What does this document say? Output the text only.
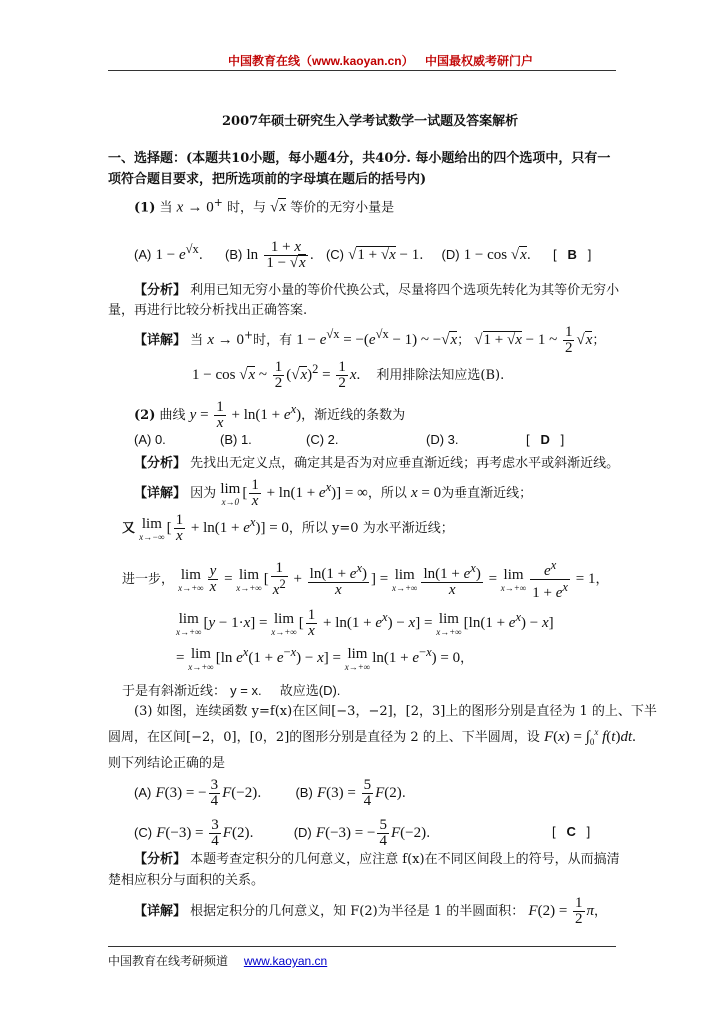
中国教育在线（www.kaoyan.cn） 中国最权威考研门户
2007年硕士研究生入学考试数学一试题及答案解析
一、选择题：(本题共10小题，每小题4分，共40分. 每小题给出的四个选项中，只有一
项符合题目要求，把所选项前的字母填在题后的括号内)
(1) 当 x → 0+ 时，与 √x 等价的无穷小量是
(A) $1 - e^{√x}$. (B) $\ln \frac{1 + x}{1 - √x}$ . (C) √1 + √x − 1. (D) 1 − cos √x. [   B   ]
【分析】 利用已知无穷小量的等价代换公式，尽量将四个选项先转化为其等价无穷小
量，再进行比较分析找出正确答案.
【详解】 当 x → 0+时，有 $1 - e^{√x} = -(e^{√x} - 1)$ ~ −√x； √1 + √x − 1 ~ $\frac{1}{2} √x$；
1 − cos √x ~ $\frac{1}{2} (√x)^2 = \frac{1}{2} x$. 利用排除法知应选(B).
(2) 曲线 $y = \frac{1}{x} + \ln(1 + e^x)$，渐近线的条数为
(A) 0.	(B) 1.	(C) 2.	(D) 3.	[   D   ]
【分析】 先找出无定义点，确定其是否为对应垂直渐近线；再考虑水平或斜渐近线。
【详解】 因为 lim
x→0
[ $\frac{1}{x} + \ln(1 + e^x)$] = ∞，所以 x = 0为垂直渐近线；
又 lim
x→−∞
[ $\frac{1}{x} + \ln(1 + e^x)] = 0$，所以 y=0 为水平渐近线；
进一步， lim
$x\to+\infty \frac{y}{x} = \lim$
x→+∞
[ $\frac{1}{x^2} + \frac{\ln(1 + e^x)}{x}$ ] = lim
$x\to+\infty \frac{\ln(1 + e^x)}{x} = \lim$
$x\to+\infty \frac{e^x}{1 + e^x} = 1$，
lim
x→+∞
[y − 1·x] = lim
x→+∞
[ $\frac{1}{x} + \ln(1 + e^x) - x] = \lim$
x→+∞
$[\ln(1 + e^x) - x]$
= lim
x→+∞
[ln $e^x(1 + e^{-x}) - x] = \lim$
x→+∞
$\ln(1 + e^{-x}) = 0$，
于是有斜渐近线： y = x. 故应选(D).
(3) 如图，连续函数 y=f(x)在区间[−3，−2]，[2，3]上的图形分别是直径为 1 的上、下半
圆周，在区间[−2，0]，[0，2]的图形分别是直径为 2 的上、下半圆周，设 $F(x) = \int_0^x$ f(t)dt.
则下列结论正确的是
(A) F(3) = − $\frac{3}{4} F(-2)$. (B) $F(3) = \frac{5}{4} F(2)$.
(C) $F(-3) = \frac{3}{4} F(2)$.	(D) F(−3) = − $\frac{5}{4} F(-2)$.	[   C   ]
【分析】 本题考查定积分的几何意义，应注意 f(x)在不同区间段上的符号，从而搞清
楚相应积分与面积的关系。
【详解】 根据定积分的几何意义，知 F(2)为半径是 1 的半圆面积： $F(2) = \frac{1}{2}$ π，
中国教育在线考研频道 www.kaoyan.cn
